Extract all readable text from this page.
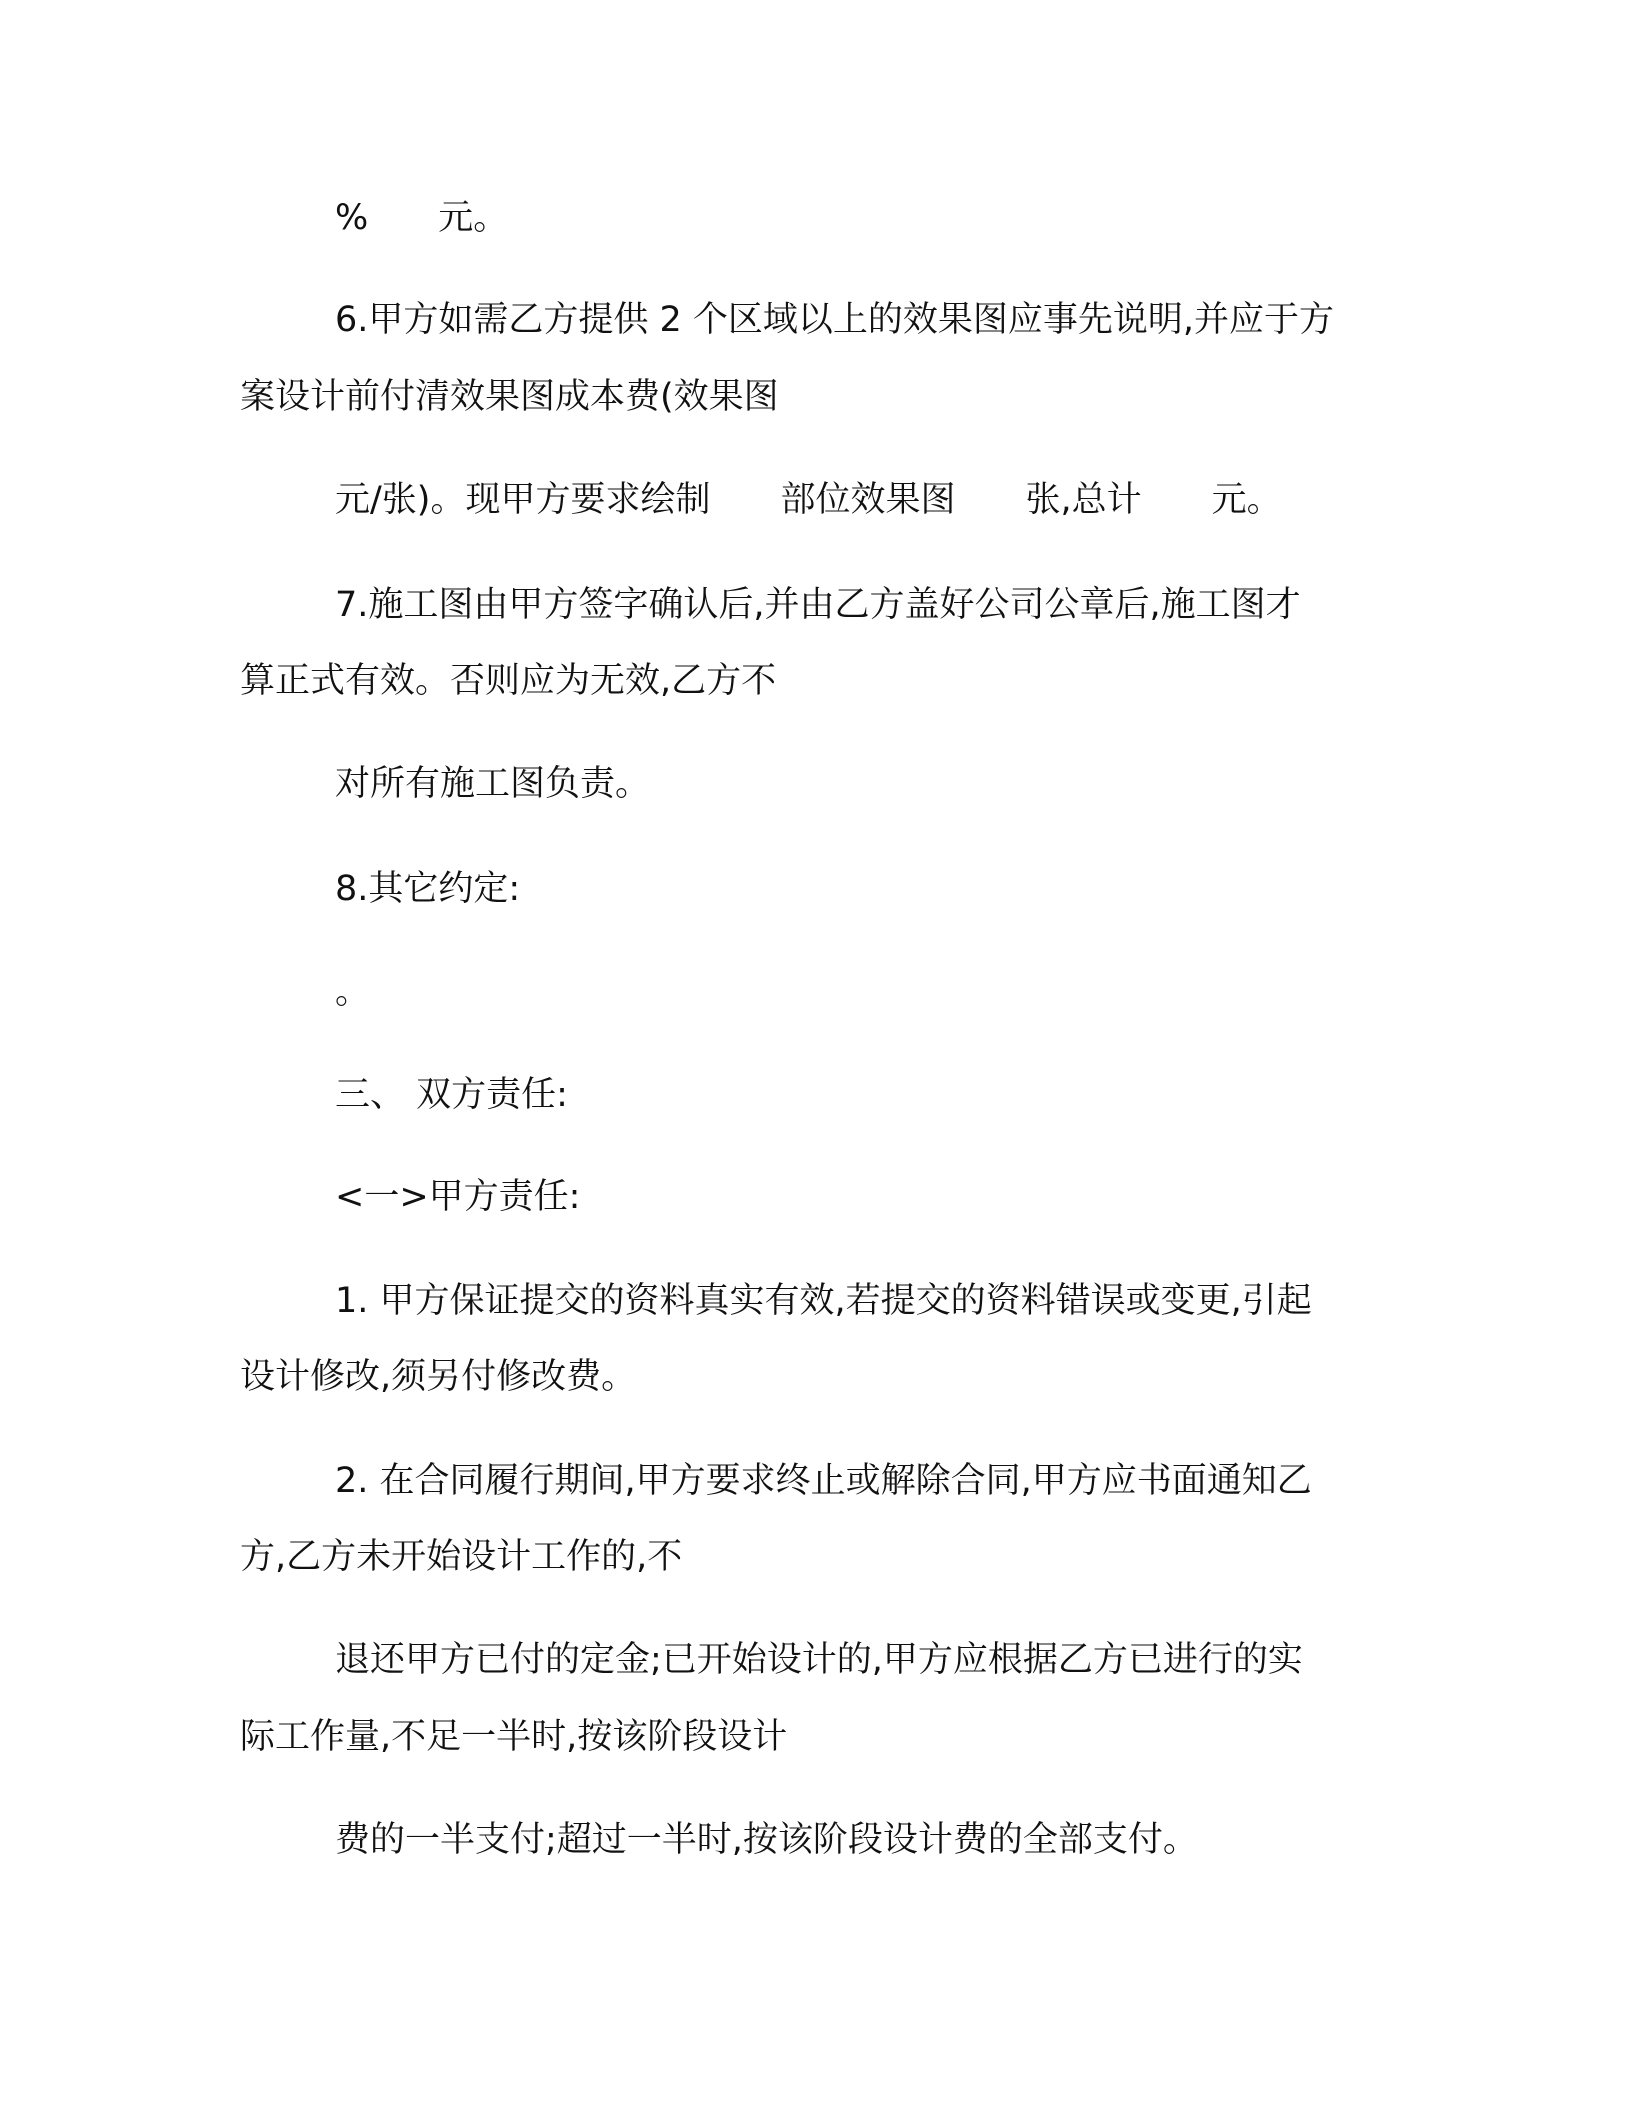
%　　元。

6.甲方如需乙方提供 2 个区域以上的效果图应事先说明,并应于方

案设计前付清效果图成本费(效果图

元/张)。现甲方要求绘制　　部位效果图　　张,总计　　元。

7.施工图由甲方签字确认后,并由乙方盖好公司公章后,施工图才

算正式有效。否则应为无效,乙方不

对所有施工图负责。

8.其它约定:

。

三、 双方责任:

<一>甲方责任:

1. 甲方保证提交的资料真实有效,若提交的资料错误或变更,引起

设计修改,须另付修改费。

2. 在合同履行期间,甲方要求终止或解除合同,甲方应书面通知乙

方,乙方未开始设计工作的,不

退还甲方已付的定金;已开始设计的,甲方应根据乙方已进行的实

际工作量,不足一半时,按该阶段设计

费的一半支付;超过一半时,按该阶段设计费的全部支付。
